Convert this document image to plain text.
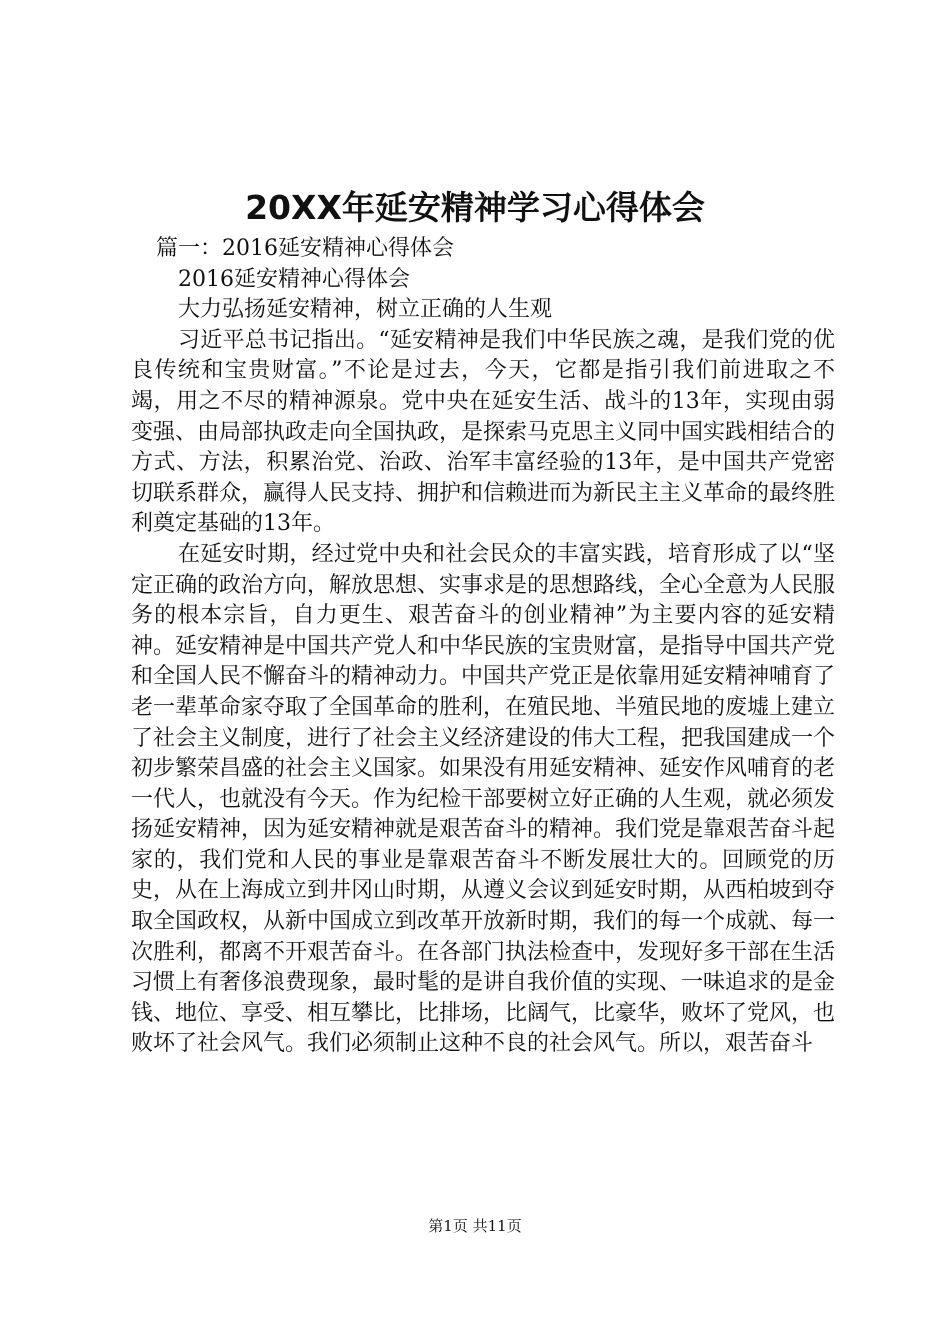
20XX年延安精神学习心得体会

篇一：2016延安精神心得体会

2016延安精神心得体会

大力弘扬延安精神，树立正确的人生观

习近平总书记指出。“延安精神是我们中华民族之魂，是我们党的优良传统和宝贵财富。”不论是过去，今天，它都是指引我们前进取之不竭，用之不尽的精神源泉。党中央在延安生活、战斗的13年，实现由弱变强、由局部执政走向全国执政，是探索马克思主义同中国实践相结合的方式、方法，积累治党、治政、治军丰富经验的13年，是中国共产党密切联系群众，赢得人民支持、拥护和信赖进而为新民主主义革命的最终胜利奠定基础的13年。

在延安时期，经过党中央和社会民众的丰富实践，培育形成了以“坚定正确的政治方向，解放思想、实事求是的思想路线，全心全意为人民服务的根本宗旨，自力更生、艰苦奋斗的创业精神”为主要内容的延安精神。延安精神是中国共产党人和中华民族的宝贵财富，是指导中国共产党和全国人民不懈奋斗的精神动力。中国共产党正是依靠用延安精神哺育了老一辈革命家夺取了全国革命的胜利，在殖民地、半殖民地的废墟上建立了社会主义制度，进行了社会主义经济建设的伟大工程，把我国建成一个初步繁荣昌盛的社会主义国家。如果没有用延安精神、延安作风哺育的老一代人，也就没有今天。作为纪检干部要树立好正确的人生观，就必须发扬延安精神，因为延安精神就是艰苦奋斗的精神。我们党是靠艰苦奋斗起家的，我们党和人民的事业是靠艰苦奋斗不断发展壮大的。回顾党的历史，从在上海成立到井冈山时期，从遵义会议到延安时期，从西柏坡到夺取全国政权，从新中国成立到改革开放新时期，我们的每一个成就、每一次胜利，都离不开艰苦奋斗。在各部门执法检查中，发现好多干部在生活习惯上有奢侈浪费现象，最时髦的是讲自我价值的实现、一味追求的是金钱、地位、享受、相互攀比，比排场，比阔气，比豪华，败坏了党风，也败坏了社会风气。我们必须制止这种不良的社会风气。所以，艰苦奋斗

第1页 共11页
